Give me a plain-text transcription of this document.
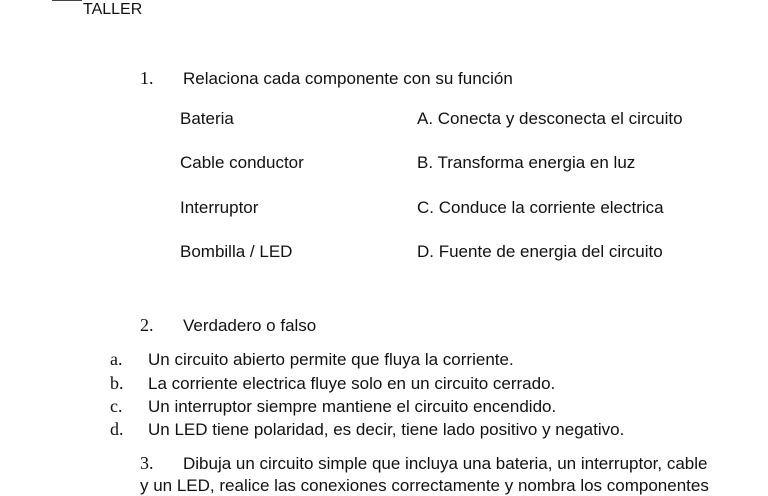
TALLER
1. Relaciona cada componente con su función
Bateria
Cable conductor
Interruptor
Bombilla / LED
A. Conecta y desconecta el circuito
B. Transforma energia en luz
C. Conduce la corriente electrica
D. Fuente de energia del circuito
2. Verdadero o falso
a. Un circuito abierto permite que fluya la corriente.
b. La corriente electrica fluye solo en un circuito cerrado.
c. Un interruptor siempre mantiene el circuito encendido.
d. Un LED tiene polaridad, es decir, tiene lado positivo y negativo.
3. Dibuja un circuito simple que incluya una bateria, un interruptor, cable
y un LED, realice las conexiones correctamente y nombra los componentes
